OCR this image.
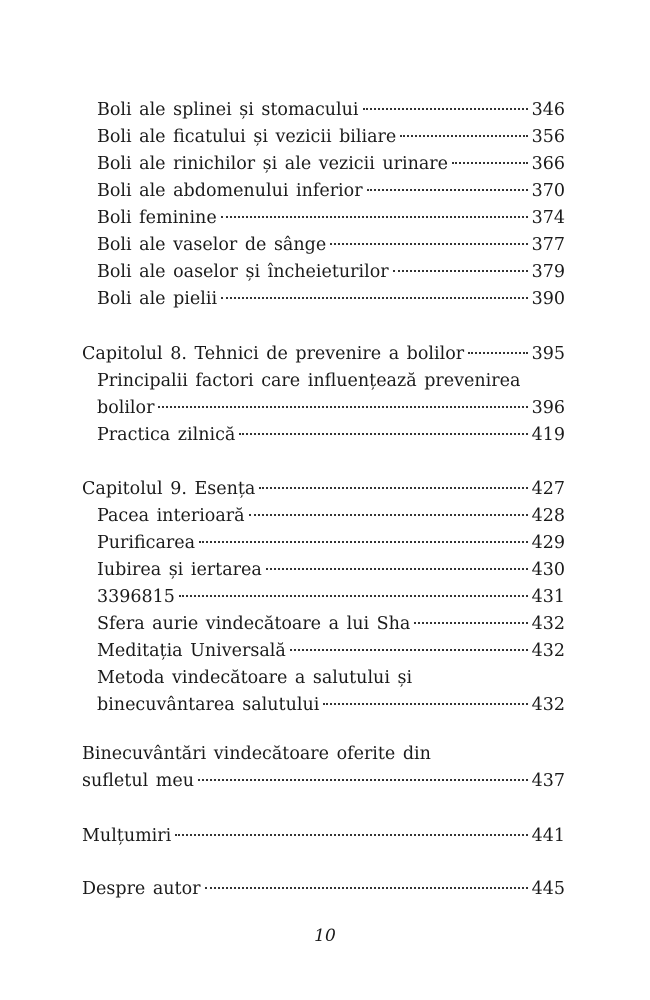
Boli ale splinei și stomacului	346
Boli ale ficatului și vezicii biliare	356
Boli ale rinichilor și ale vezicii urinare	366
Boli ale abdomenului inferior	370
Boli feminine	374
Boli ale vaselor de sânge	377
Boli ale oaselor și încheieturilor	379
Boli ale pielii	390
Capitolul 8. Tehnici de prevenire a bolilor	395
Principalii factori care influențează prevenirea
bolilor	396
Practica zilnică	419
Capitolul 9. Esența	427
Pacea interioară	428
Purificarea	429
Iubirea și iertarea	430
3396815	431
Sfera aurie vindecătoare a lui Sha	432
Meditația Universală	432
Metoda vindecătoare a salutului și
binecuvântarea salutului	432
Binecuvântări vindecătoare oferite din
sufletul meu	437
Mulțumiri	441
Despre autor	445
10
